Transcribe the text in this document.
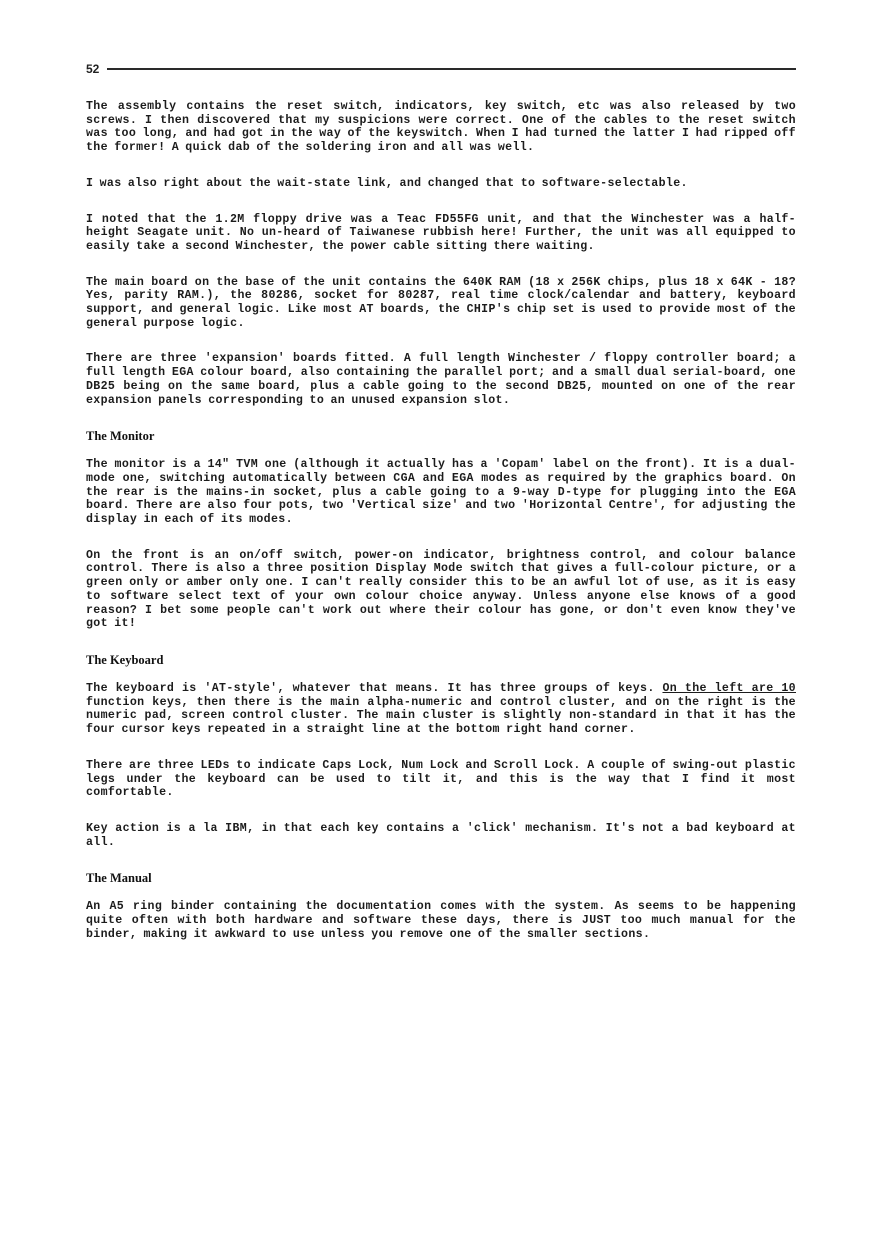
52

The assembly contains the reset switch, indicators, key switch, etc was also released by two screws. I then discovered that my suspicions were correct. One of the cables to the reset switch was too long, and had got in the way of the keyswitch. When I had turned the latter I had ripped off the former! A quick dab of the soldering iron and all was well.

I was also right about the wait-state link, and changed that to software-selectable.

I noted that the 1.2M floppy drive was a Teac FD55FG unit, and that the Winchester was a half-height Seagate unit. No un-heard of Taiwanese rubbish here! Further, the unit was all equipped to easily take a second Winchester, the power cable sitting there waiting.

The main board on the base of the unit contains the 640K RAM (18 x 256K chips, plus 18 x 64K - 18? Yes, parity RAM.), the 80286, socket for 80287, real time clock/calendar and battery, keyboard support, and general logic. Like most AT boards, the CHIP's chip set is used to provide most of the general purpose logic.

There are three 'expansion' boards fitted. A full length Winchester / floppy controller board; a full length EGA colour board, also containing the parallel port; and a small dual serial-board, one DB25 being on the same board, plus a cable going to the second DB25, mounted on one of the rear expansion panels corresponding to an unused expansion slot.

The Monitor

The monitor is a 14" TVM one (although it actually has a 'Copam' label on the front). It is a dual-mode one, switching automatically between CGA and EGA modes as required by the graphics board. On the rear is the mains-in socket, plus a cable going to a 9-way D-type for plugging into the EGA board. There are also four pots, two 'Vertical size' and two 'Horizontal Centre', for adjusting the display in each of its modes.

On the front is an on/off switch, power-on indicator, brightness control, and colour balance control. There is also a three position Display Mode switch that gives a full-colour picture, or a green only or amber only one. I can't really consider this to be an awful lot of use, as it is easy to software select text of your own colour choice anyway. Unless anyone else knows of a good reason? I bet some people can't work out where their colour has gone, or don't even know they've got it!

The Keyboard

The keyboard is 'AT-style', whatever that means. It has three groups of keys. On the left are 10 function keys, then there is the main alpha-numeric and control cluster, and on the right is the numeric pad, screen control cluster. The main cluster is slightly non-standard in that it has the four cursor keys repeated in a straight line at the bottom right hand corner.

There are three LEDs to indicate Caps Lock, Num Lock and Scroll Lock. A couple of swing-out plastic legs under the keyboard can be used to tilt it, and this is the way that I find it most comfortable.

Key action is a la IBM, in that each key contains a 'click' mechanism. It's not a bad keyboard at all.

The Manual

An A5 ring binder containing the documentation comes with the system. As seems to be happening quite often with both hardware and software these days, there is JUST too much manual for the binder, making it awkward to use unless you remove one of the smaller sections.
